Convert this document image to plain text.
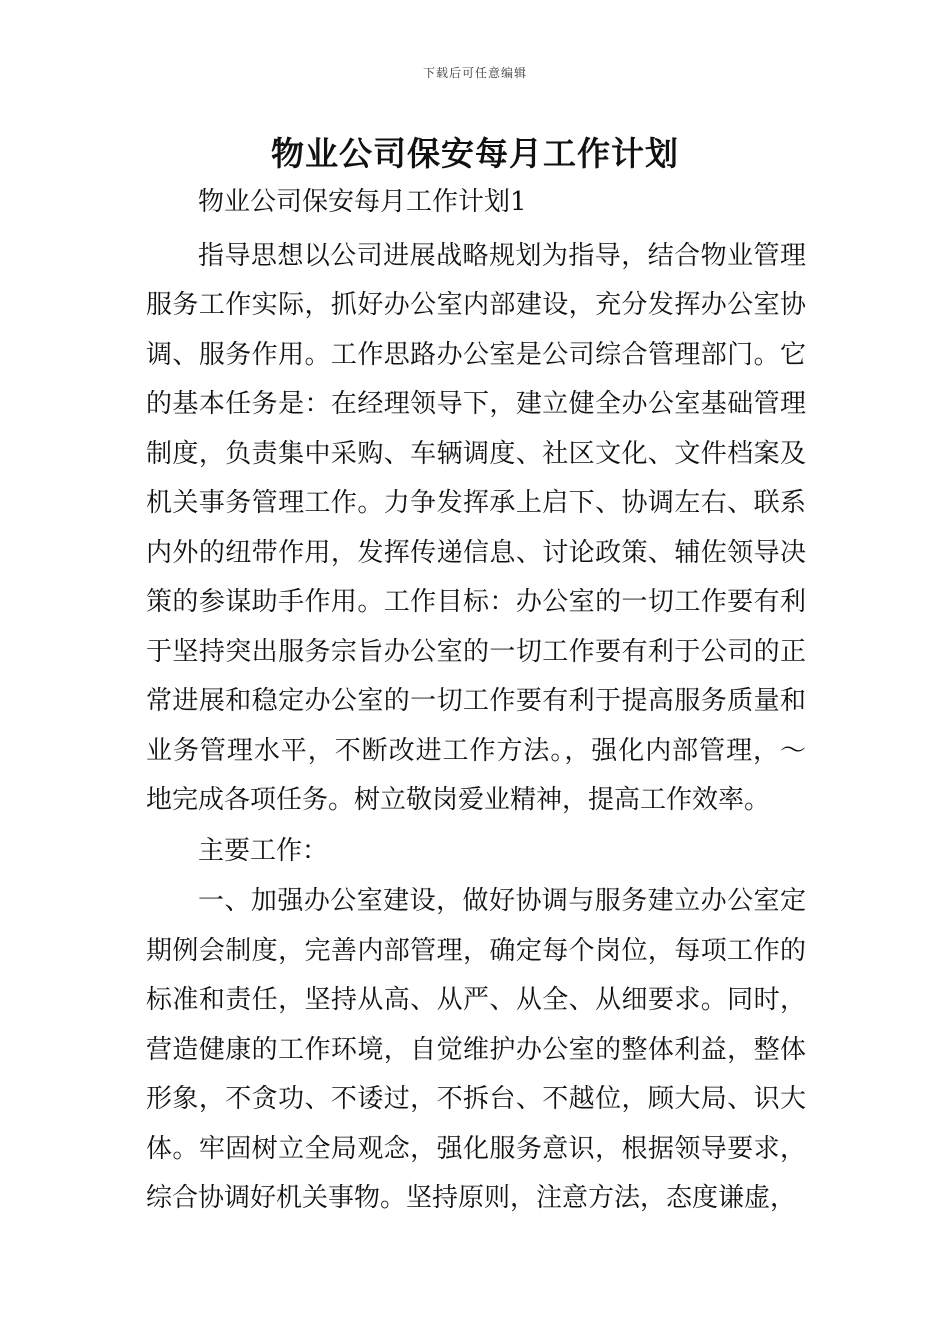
下载后可任意编辑
物业公司保安每月工作计划

物业公司保安每月工作计划1

指导思想以公司进展战略规划为指导，结合物业管理服务工作实际，抓好办公室内部建设，充分发挥办公室协调、服务作用。工作思路办公室是公司综合管理部门。它的基本任务是：在经理领导下，建立健全办公室基础管理制度，负责集中采购、车辆调度、社区文化、文件档案及机关事务管理工作。力争发挥承上启下、协调左右、联系内外的纽带作用，发挥传递信息、讨论政策、辅佐领导决策的参谋助手作用。工作目标：办公室的一切工作要有利于坚持突出服务宗旨办公室的一切工作要有利于公司的正常进展和稳定办公室的一切工作要有利于提高服务质量和业务管理水平，不断改进工作方法。，强化内部管理，～地完成各项任务。树立敬岗爱业精神，提高工作效率。

主要工作：

一、加强办公室建设，做好协调与服务建立办公室定期例会制度，完善内部管理，确定每个岗位，每项工作的标准和责任，坚持从高、从严、从全、从细要求。同时，营造健康的工作环境，自觉维护办公室的整体利益，整体形象，不贪功、不诿过，不拆台、不越位，顾大局、识大体。牢固树立全局观念，强化服务意识，根据领导要求，综合协调好机关事物。坚持原则，注意方法，态度谦虚，
